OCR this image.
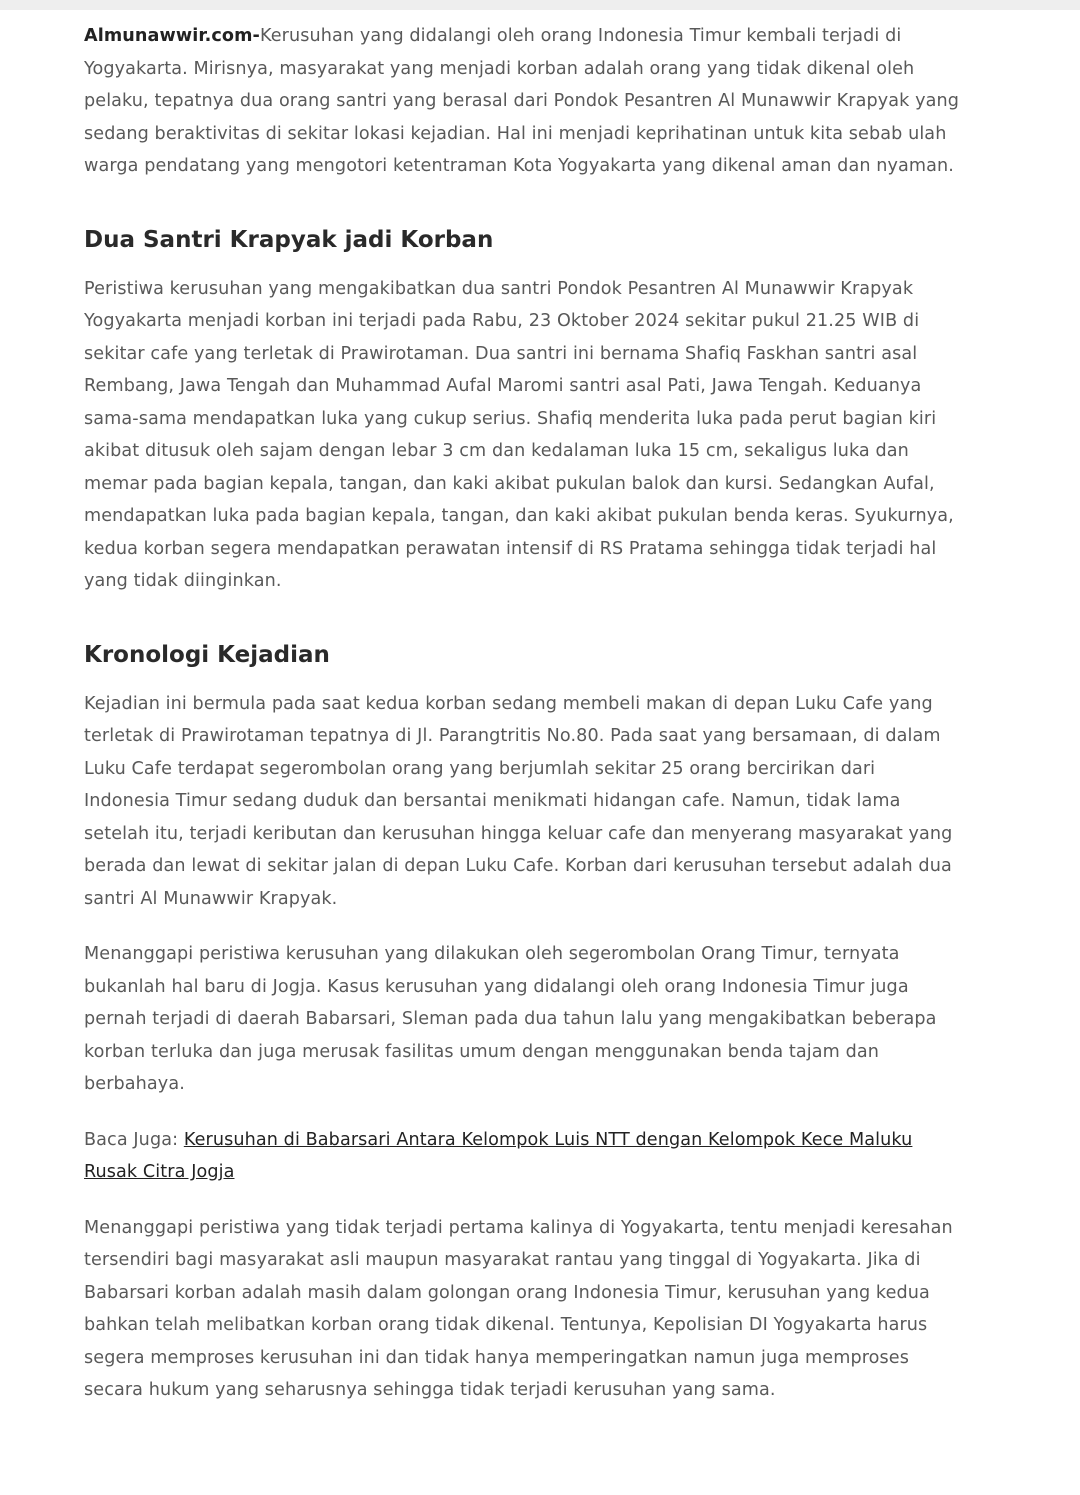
Almunawwir.com-Kerusuhan yang didalangi oleh orang Indonesia Timur kembali terjadi di Yogyakarta. Mirisnya, masyarakat yang menjadi korban adalah orang yang tidak dikenal oleh pelaku, tepatnya dua orang santri yang berasal dari Pondok Pesantren Al Munawwir Krapyak yang sedang beraktivitas di sekitar lokasi kejadian. Hal ini menjadi keprihatinan untuk kita sebab ulah warga pendatang yang mengotori ketentraman Kota Yogyakarta yang dikenal aman dan nyaman.

Dua Santri Krapyak jadi Korban

Peristiwa kerusuhan yang mengakibatkan dua santri Pondok Pesantren Al Munawwir Krapyak Yogyakarta menjadi korban ini terjadi pada Rabu, 23 Oktober 2024 sekitar pukul 21.25 WIB di sekitar cafe yang terletak di Prawirotaman. Dua santri ini bernama Shafiq Faskhan santri asal Rembang, Jawa Tengah dan Muhammad Aufal Maromi santri asal Pati, Jawa Tengah. Keduanya sama-sama mendapatkan luka yang cukup serius. Shafiq menderita luka pada perut bagian kiri akibat ditusuk oleh sajam dengan lebar 3 cm dan kedalaman luka 15 cm, sekaligus luka dan memar pada bagian kepala, tangan, dan kaki akibat pukulan balok dan kursi. Sedangkan Aufal, mendapatkan luka pada bagian kepala, tangan, dan kaki akibat pukulan benda keras. Syukurnya, kedua korban segera mendapatkan perawatan intensif di RS Pratama sehingga tidak terjadi hal yang tidak diinginkan.

Kronologi Kejadian

Kejadian ini bermula pada saat kedua korban sedang membeli makan di depan Luku Cafe yang terletak di Prawirotaman tepatnya di Jl. Parangtritis No.80. Pada saat yang bersamaan, di dalam Luku Cafe terdapat segerombolan orang yang berjumlah sekitar 25 orang bercirikan dari Indonesia Timur sedang duduk dan bersantai menikmati hidangan cafe. Namun, tidak lama setelah itu, terjadi keributan dan kerusuhan hingga keluar cafe dan menyerang masyarakat yang berada dan lewat di sekitar jalan di depan Luku Cafe. Korban dari kerusuhan tersebut adalah dua santri Al Munawwir Krapyak.

Menanggapi peristiwa kerusuhan yang dilakukan oleh segerombolan Orang Timur, ternyata bukanlah hal baru di Jogja. Kasus kerusuhan yang didalangi oleh orang Indonesia Timur juga pernah terjadi di daerah Babarsari, Sleman pada dua tahun lalu yang mengakibatkan beberapa korban terluka dan juga merusak fasilitas umum dengan menggunakan benda tajam dan berbahaya.

Baca Juga: Kerusuhan di Babarsari Antara Kelompok Luis NTT dengan Kelompok Kece Maluku Rusak Citra Jogja

Menanggapi peristiwa yang tidak terjadi pertama kalinya di Yogyakarta, tentu menjadi keresahan tersendiri bagi masyarakat asli maupun masyarakat rantau yang tinggal di Yogyakarta. Jika di Babarsari korban adalah masih dalam golongan orang Indonesia Timur, kerusuhan yang kedua bahkan telah melibatkan korban orang tidak dikenal. Tentunya, Kepolisian DI Yogyakarta harus segera memproses kerusuhan ini dan tidak hanya memperingatkan namun juga memproses secara hukum yang seharusnya sehingga tidak terjadi kerusuhan yang sama.
